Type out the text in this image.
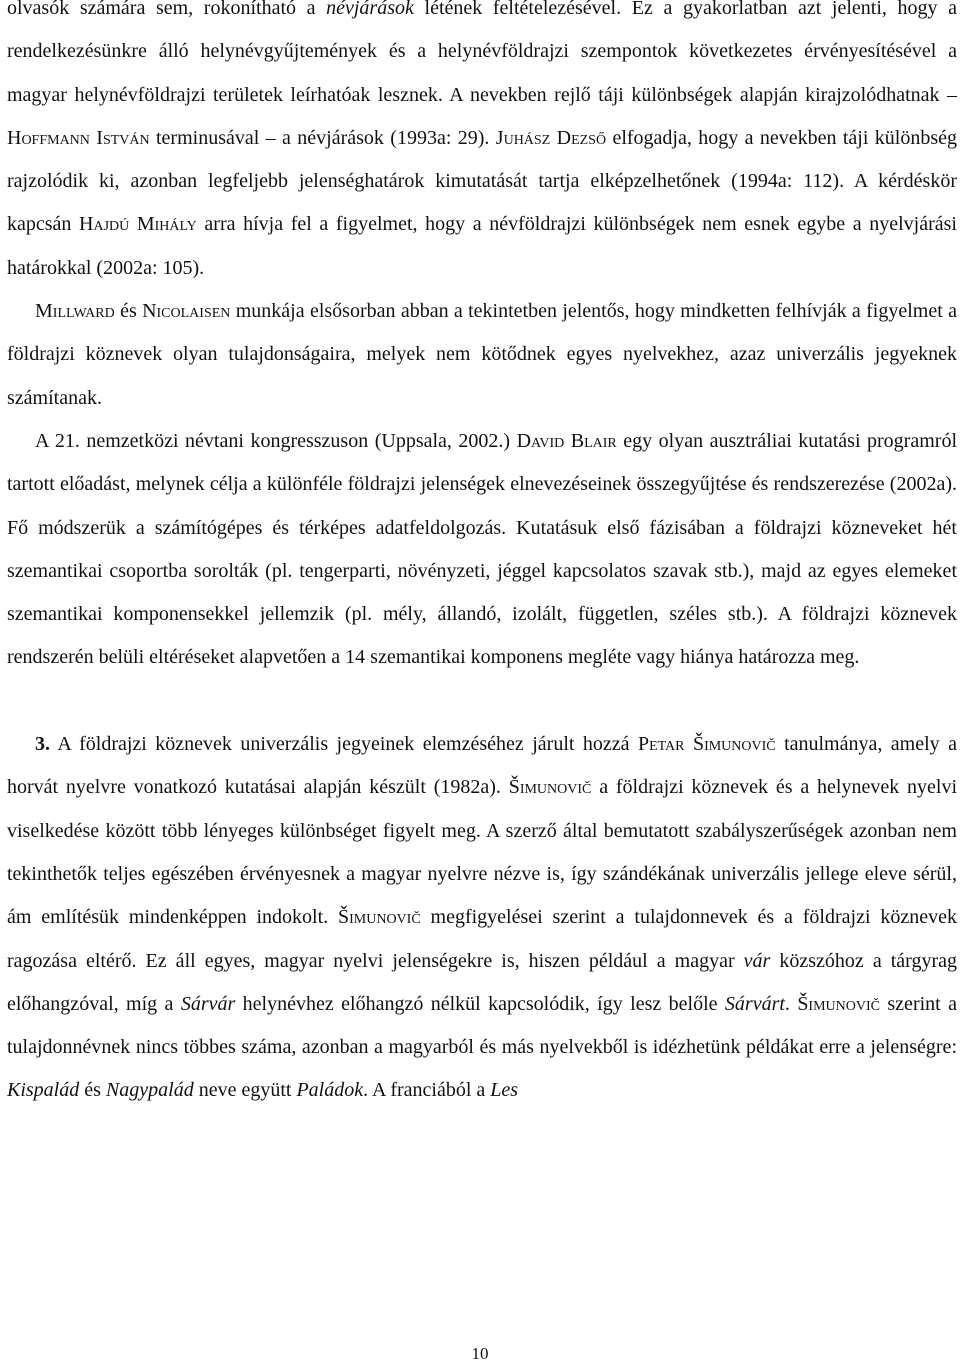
olvasók számára sem, rokonítható a névjárások létének feltételezésével. Ez a gyakorlatban azt jelenti, hogy a rendelkezésünkre álló helynévgyűjtemények és a helynévföldrajzi szempontok következetes érvényesítésével a magyar helynévföldrajzi területek leírhatóak lesznek. A nevekben rejlő táji különbségek alapján kirajzolódhatnak – Hoffmann István terminusával – a névjárások (1993a: 29). Juhász Dezső elfogadja, hogy a nevekben táji különbség rajzolódik ki, azonban legfeljebb jelenséghatárok kimutatását tartja elképzelhetőnek (1994a: 112). A kérdéskör kapcsán Hajdú Mihály arra hívja fel a figyelmet, hogy a névföldrajzi különbségek nem esnek egybe a nyelvjárási határokkal (2002a: 105).

Millward és Nicolaisen munkája elsősorban abban a tekintetben jelentős, hogy mindketten felhívják a figyelmet a földrajzi köznevek olyan tulajdonságaira, melyek nem kötődnek egyes nyelvekhez, azaz univerzális jegyeknek számítanak.

A 21. nemzetközi névtani kongresszuson (Uppsala, 2002.) David Blair egy olyan ausztráliai kutatási programról tartott előadást, melynek célja a különféle földrajzi jelenségek elnevezéseinek összegyűjtése és rendszerezése (2002a). Fő módszerük a számítógépes és térképes adatfeldolgozás. Kutatásuk első fázisában a földrajzi közneveket hét szemantikai csoportba sorolták (pl. tengerparti, növényzeti, jéggel kapcsolatos szavak stb.), majd az egyes elemeket szemantikai komponensekkel jellemzik (pl. mély, állandó, izolált, független, széles stb.). A földrajzi köznevek rendszerén belüli eltéréseket alapvetően a 14 szemantikai komponens megléte vagy hiánya határozza meg.

3. A földrajzi köznevek univerzális jegyeinek elemzéséhez járult hozzá Petar Šimunovič tanulmánya, amely a horvát nyelvre vonatkozó kutatásai alapján készült (1982a). Šimunovič a földrajzi köznevek és a helynevek nyelvi viselkedése között több lényeges különbséget figyelt meg. A szerző által bemutatott szabályszerűségek azonban nem tekinthetők teljes egészében érvényesnek a magyar nyelvre nézve is, így szándékának univerzális jellege eleve sérül, ám említésük mindenképpen indokolt. Šimunovič megfigyelései szerint a tulajdonnevek és a földrajzi köznevek ragozása eltérő. Ez áll egyes, magyar nyelvi jelenségekre is, hiszen például a magyar vár közszóhoz a tárgyrag előhangzóval, míg a Sárvár helynévhez előhangzó nélkül kapcsolódik, így lesz belőle Sárvárt. Šimunovič szerint a tulajdonnévnek nincs többes száma, azonban a magyarból és más nyelvekből is idézhetünk példákat erre a jelenségre: Kispalád és Nagypalád neve együtt Paládok. A franciából a Les

10
